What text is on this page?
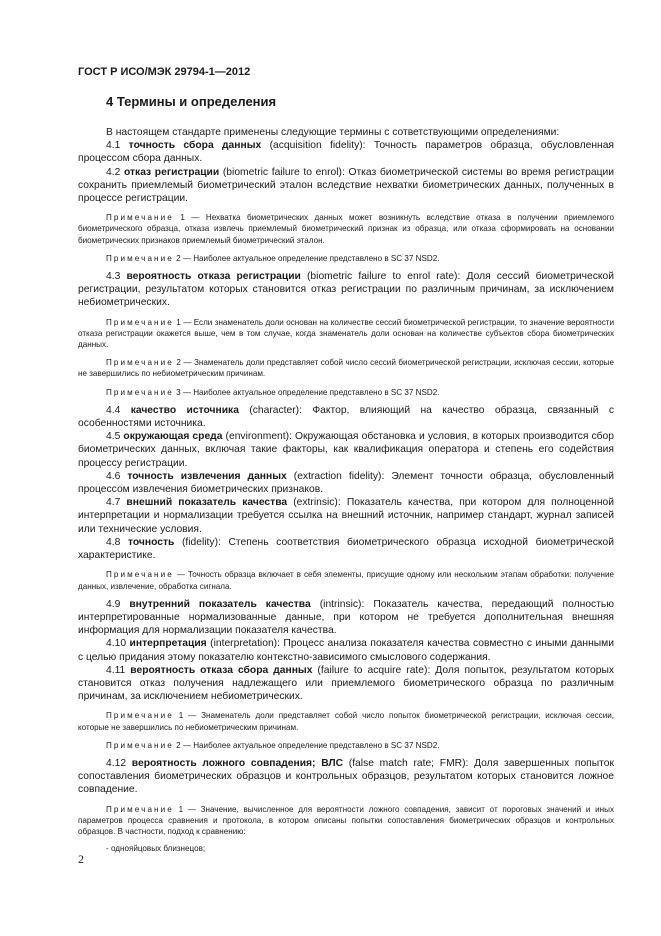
ГОСТ Р ИСО/МЭК 29794-1—2012
4 Термины и определения

В настоящем стандарте применены следующие термины с сответствующими определениями:

4.1 точность сбора данных (acquisition fidelity): Точность параметров образца, обусловленная процессом сбора данных.

4.2 отказ регистрации (biometric failure to enrol): Отказ биометрической системы во время регистрации сохранить приемлемый биометрический эталон вследствие нехватки биометрических данных, полученных в процессе регистрации.

Примечание 1 — Нехватка биометрических данных может возникнуть вследствие отказа в получении приемлемого биометрического образца, отказа извлечь приемлемый биометрический признак из образца, или отказа сформировать на основании биометрических признаков приемлемый биометрический эталон.

Примечание 2 — Наиболее актуальное определение представлено в SC 37 NSD2.

4.3 вероятность отказа регистрации (biometric failure to enrol rate): Доля сессий биометрической регистрации, результатом которых становится отказ регистрации по различным причинам, за исключением небиометрических.

Примечание 1 — Если знаменатель доли основан на количестве сессий биометрической регистрации, то значение вероятности отказа регистрации окажется выше, чем в том случае, когда знаменатель доли основан на количестве субъектов сбора биометрических данных.

Примечание 2 — Знаменатель доли представляет собой число сессий биометрической регистрации, исключая сессии, которые не завершились по небиометрическим причинам.

Примечание 3 — Наиболее актуальное определение представлено в SC 37 NSD2.

4.4 качество источника (character): Фактор, влияющий на качество образца, связанный с особенностями источника.

4.5 окружающая среда (environment): Окружающая обстановка и условия, в которых производится сбор биометрических данных, включая такие факторы, как квалификация оператора и степень его содействия процессу регистрации.

4.6 точность извлечения данных (extraction fidelity): Элемент точности образца, обусловленный процессом извлечения биометрических признаков.

4.7 внешний показатель качества (extrinsic): Показатель качества, при котором для полноценной интерпретации и нормализации требуется ссылка на внешний источник, например стандарт, журнал записей или технические условия.

4.8 точность (fidelity): Степень соответствия биометрического образца исходной биометрической характеристике.

Примечание — Точность образца включает в себя элементы, присущие одному или нескольким этапам обработки: получение данных, извлечение, обработка сигнала.

4.9 внутренний показатель качества (intrinsic): Показатель качества, передающий полностью интерпретированные нормализованные данные, при котором не требуется дополнительная внешняя информация для нормализации показателя качества.

4.10 интерпретация (interpretation): Процесс анализа показателя качества совместно с иными данными с целью придания этому показателю контекстно-зависимого смыслового содержания.

4.11 вероятность отказа сбора данных (failure to acquire rate): Доля попыток, результатом которых становится отказ получения надлежащего или приемлемого биометрического образца по различным причинам, за исключением небиометрических.

Примечание 1 — Знаменатель доли представляет собой число попыток биометрической регистрации, исключая сессии, которые не завершились по небиометрическим причинам.

Примечание 2 — Наиболее актуальное определение представлено в SC 37 NSD2.

4.12 вероятность ложного совпадения; ВЛС (false match rate; FMR): Доля завершенных попыток сопоставления биометрических образцов и контрольных образцов, результатом которых становится ложное совпадение.

Примечание 1 — Значение, вычисленное для вероятности ложного совпадения, зависит от пороговых значений и иных параметров процесса сравнения и протокола, в котором описаны попытки сопоставления биометрических образцов и контрольных образцов. В частности, подход к сравнению:

- однояйцовых близнецов;

2
